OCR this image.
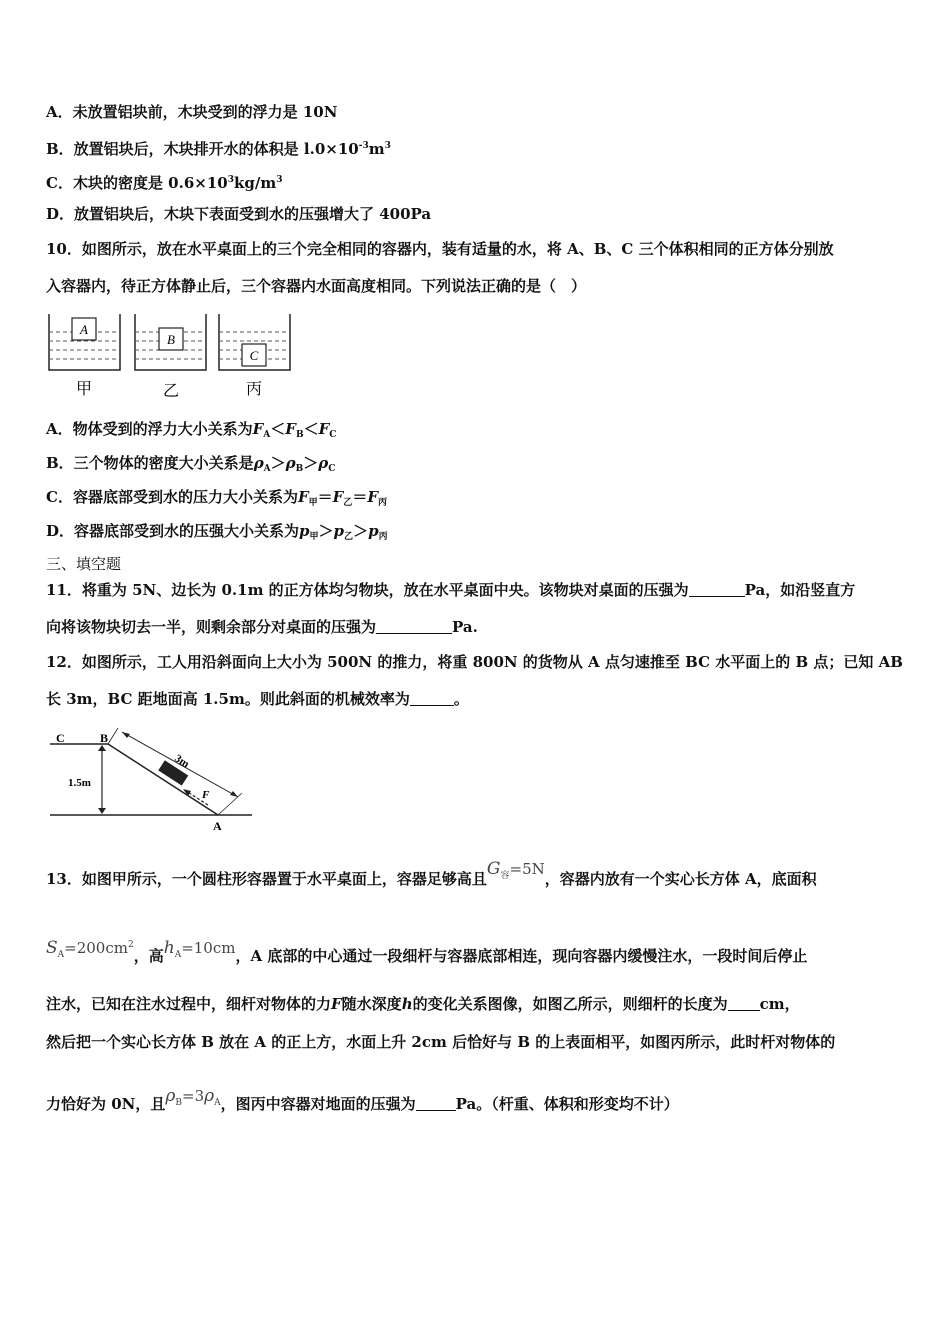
A．未放置铝块前，木块受到的浮力是 10N
B．放置铝块后，木块排开水的体积是 $l.0\times 10^{-3}m^3$
C．木块的密度是 $0.6\times 10^3kg/m^3$
D．放置铝块后，木块下表面受到水的压强增大了 400Pa
10．如图所示，放在水平桌面上的三个完全相同的容器内，装有适量的水，将 A、B、C 三个体积相同的正方体分别放
入容器内，待正方体静止后，三个容器内水面高度相同。下列说法正确的是（　）
A
甲
B
乙
C
丙
A．物体受到的浮力大小关系为$F_A<F_B<F_C$
B．三个物体的密度大小关系是$\rho_A>\rho_B>\rho_C$
C．容器底部受到水的压力大小关系为$F_甲=F_乙=F_丙$
D．容器底部受到水的压强大小关系为$p_甲>p_乙>p_丙$
三、填空题
11．将重为 5N、边长为 0.1m 的正方体均匀物块，放在水平桌面中央。该物块对桌面的压强为	Pa，如沿竖直方
向将该物块切去一半，则剩余部分对桌面的压强为	Pa.
12．如图所示，工人用沿斜面向上大小为 500N 的推力，将重 800N 的货物从 A 点匀速推至 BC 水平面上的 B 点；已知 AB
长 3m，BC 距地面高 1.5m。则此斜面的机械效率为	。
C	B
A
1.5m
3m
F
13．如图甲所示，一个圆柱形容器置于水平桌面上，容器足够高且$G_容=5N$，容器内放有一个实心长方体 A，底面积
$S_A=200cm^2$，高$h_A=10cm$，A 底部的中心通过一段细杆与容器底部相连，现向容器内缓慢注水，一段时间后停止
注水，已知在注水过程中，细杆对物体的力F随水深度h的变化关系图像，如图乙所示，则细杆的长度为 cm，
然后把一个实心长方体 B 放在 A 的正上方，水面上升 2cm 后恰好与 B 的上表面相平，如图丙所示，此时杆对物体的
力恰好为 0N，且$\rho_B=3\rho_A$，图丙中容器对地面的压强为	Pa。（杆重、体积和形变均不计）
